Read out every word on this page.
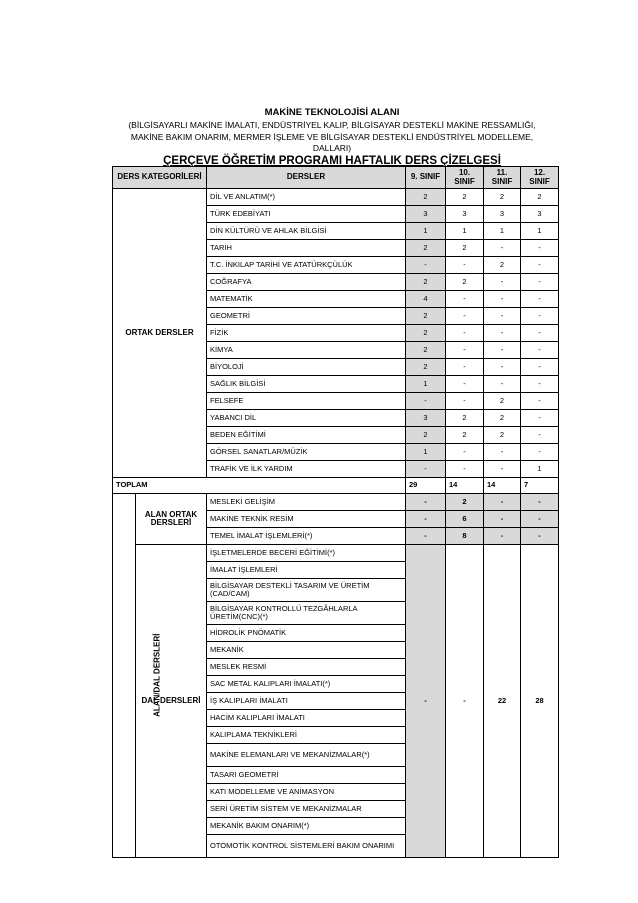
MAKİNE TEKNOLOJİSİ ALANI
(BİLGİSAYARLI MAKİNE İMALATI, ENDÜSTRİYEL KALIP, BİLGİSAYAR DESTEKLİ MAKİNE RESSAMLIĞI, MAKİNE BAKIM ONARIM, MERMER İŞLEME VE BİLGİSAYAR DESTEKLİ ENDÜSTRİYEL MODELLEME, DALLARI)
ÇERÇEVE ÖĞRETİM PROGRAMI HAFTALIK DERS ÇİZELGESİ
DERS KATEGORİLERİ		DERSLER	9. SINIF	10. SINIF	11. SINIF	12. SINIF
ORTAK DERSLER		DİL VE ANLATIM(*)	2	2	2	2
		TÜRK EDEBİYATI	3	3	3	3
		DİN KÜLTÜRÜ VE AHLAK BİLGİSİ	1	1	1	1
		TARİH	2	2	-	-
		T.C. İNKILAP TARİHİ VE ATATÜRKÇÜLÜK	-	-	2	-
		COĞRAFYA	2	2	-	-
		MATEMATİK	4	-	-	-
		GEOMETRİ	2	-	-	-
		FİZİK	2	-	-	-
		KİMYA	2	-	-	-
		BİYOLOJİ	2	-	-	-
		SAĞLIK BİLGİSİ	1	-	-	-
		FELSEFE	-	-	2	-
		YABANCI DİL	3	2	2	-
		BEDEN EĞİTİMİ	2	2	2	-
		GÖRSEL SANATLAR/MÜZİK	1	-	-	-
		TRAFİK VE İLK YARDIM	-	-	-	1
TOPLAM			29	14	14	7
ALAN/DAL DERSLERİ	ALAN ORTAK DERSLERİ	MESLEKİ GELİŞİM	-	2	-	-
		MAKİNE TEKNİK RESİM	-	6	-	-
		TEMEL İMALAT İŞLEMLERİ(*)	-	8	-	-
	DAL DERSLERİ	İŞLETMELERDE BECERİ EĞİTİMİ(*)	-	-	22	28
		İMALAT İŞLEMLERİ				
		BİLGİSAYAR DESTEKLİ TASARIM VE ÜRETİM (CAD/CAM)				
		BİLGİSAYAR KONTROLLÜ TEZGÂHLARLA ÜRETİM(CNC)(*)				
		HİDROLİK PNÖMATİK				
		MEKANİK				
		MESLEK RESMİ				
		SAC METAL KALIPLARI İMALATI(*)				
		İŞ KALIPLARI İMALATI				
		HACİM KALIPLARI İMALATI				
		KALIPLAMA TEKNİKLERİ				
		MAKİNE ELEMANLARI VE MEKANİZMALAR(*)				
		TASARI GEOMETRİ				
		KATI MODELLEME VE ANİMASYON				
		SERİ ÜRETİM SİSTEM VE MEKANİZMALAR				
		MEKANİK BAKIM ONARIM(*)				
		OTOMOTİK KONTROL SİSTEMLERİ BAKIM ONARIMI				
